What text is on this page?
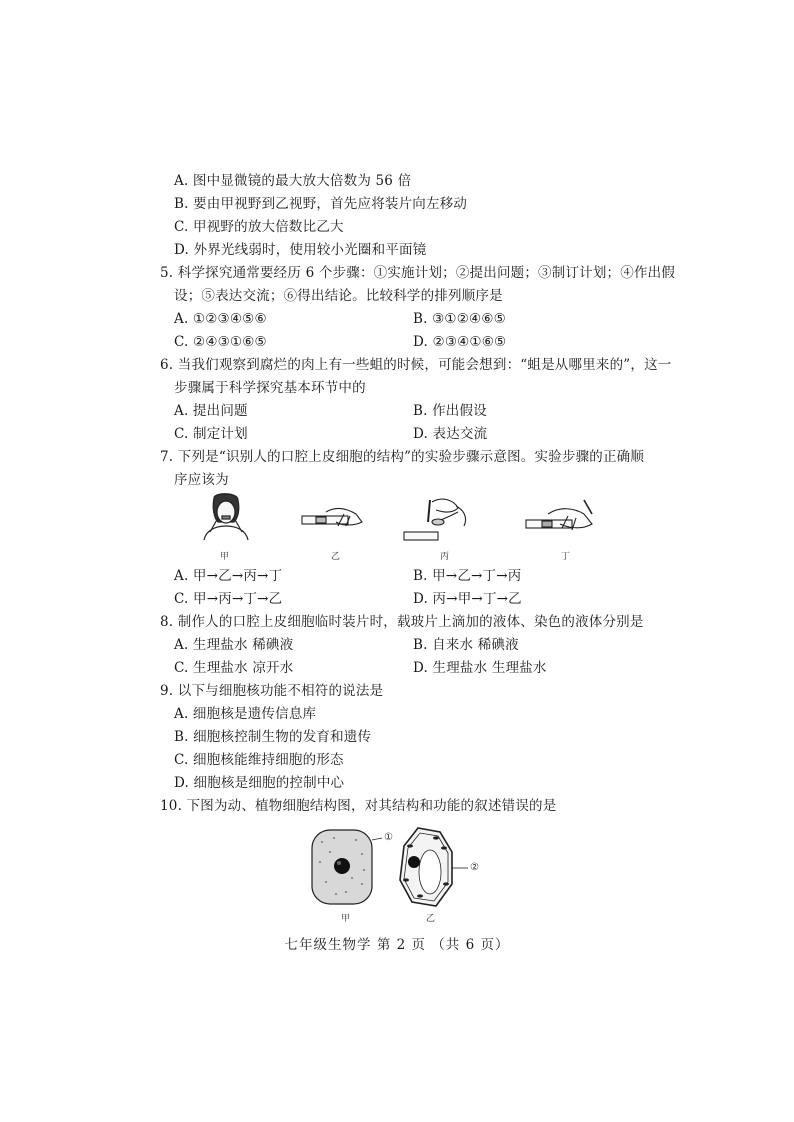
A. 图中显微镜的最大放大倍数为 56 倍
B. 要由甲视野到乙视野，首先应将装片向左移动
C. 甲视野的放大倍数比乙大
D. 外界光线弱时，使用较小光圈和平面镜
5. 科学探究通常要经历 6 个步骤：①实施计划；②提出问题；③制订计划；④作出假
设；⑤表达交流；⑥得出结论。比较科学的排列顺序是
A. ①②③④⑤⑥	B. ③①②④⑥⑤
C. ②④③①⑥⑤	D. ②③④①⑥⑤
6. 当我们观察到腐烂的肉上有一些蛆的时候，可能会想到：“蛆是从哪里来的”，这一
步骤属于科学探究基本环节中的
A. 提出问题	B. 作出假设
C. 制定计划	D. 表达交流
7. 下列是“识别人的口腔上皮细胞的结构”的实验步骤示意图。实验步骤的正确顺
序应该为
甲	乙	丙	丁
A. 甲→乙→丙→丁	B. 甲→乙→丁→丙
C. 甲→丙→丁→乙	D. 丙→甲→丁→乙
8. 制作人的口腔上皮细胞临时装片时，载玻片上滴加的液体、染色的液体分别是
A. 生理盐水 稀碘液	B. 自来水 稀碘液
C. 生理盐水 凉开水	D. 生理盐水 生理盐水
9. 以下与细胞核功能不相符的说法是
A. 细胞核是遗传信息库
B. 细胞核控制生物的发育和遗传
C. 细胞核能维持细胞的形态
D. 细胞核是细胞的控制中心
10. 下图为动、植物细胞结构图，对其结构和功能的叙述错误的是
①
②
甲	乙
七年级生物学 第 2 页 （共 6 页）
